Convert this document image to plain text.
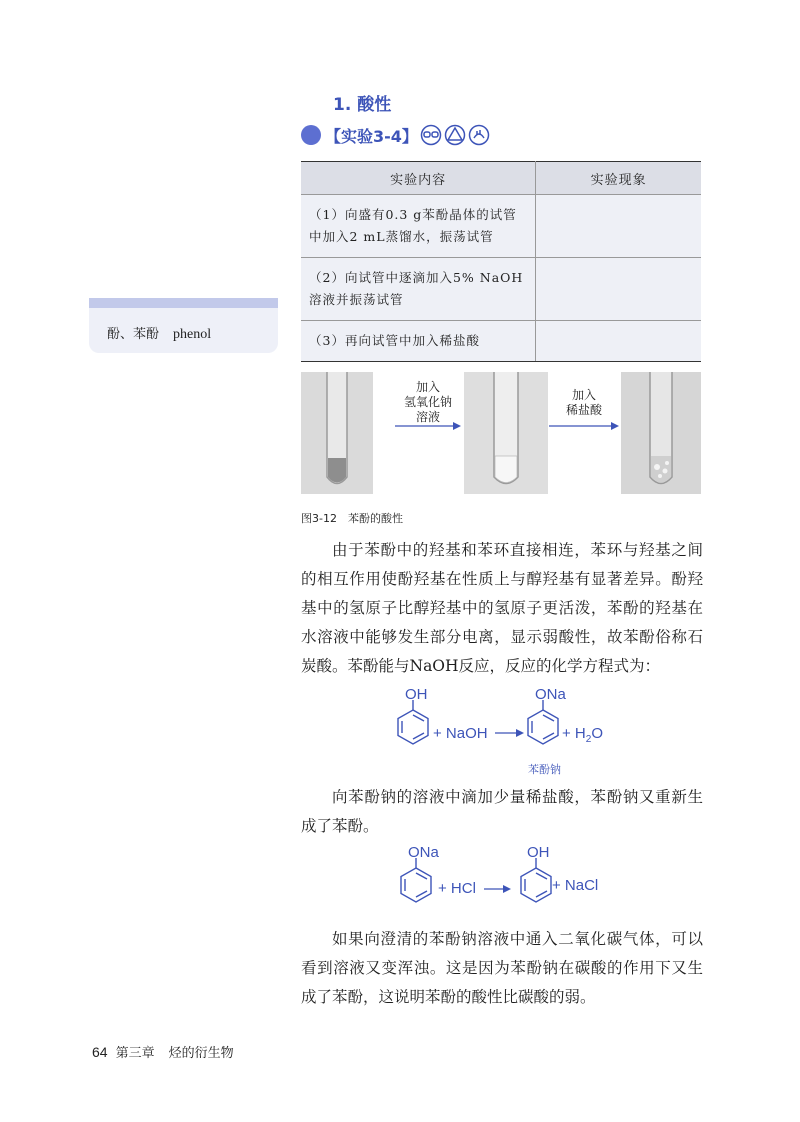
1. 酸性
【实验3-4】
酚、苯酚 phenol
实验内容	实验现象
（1）向盛有0.3 g苯酚晶体的试管中加入2 mL蒸馏水，振荡试管	
（2）向试管中逐滴加入5% NaOH溶液并振荡试管	
（3）再向试管中加入稀盐酸	
加入
氢氧化钠
溶液
加入
稀盐酸
图3-12　苯酚的酸性
由于苯酚中的羟基和苯环直接相连，苯环与羟基之间的相互作用使酚羟基在性质上与醇羟基有显著差异。酚羟基中的氢原子比醇羟基中的氢原子更活泼，苯酚的羟基在水溶液中能够发生部分电离，显示弱酸性，故苯酚俗称石炭酸。苯酚能与NaOH反应，反应的化学方程式为：
OH
+ NaOH
ONa
+ $H_2O$
苯酚钠
向苯酚钠的溶液中滴加少量稀盐酸，苯酚钠又重新生成了苯酚。
ONa
+ HCl
OH
+ NaCl
如果向澄清的苯酚钠溶液中通入二氧化碳气体，可以看到溶液又变浑浊。这是因为苯酚钠在碳酸的作用下又生成了苯酚，这说明苯酚的酸性比碳酸的弱。
64 第三章 烃的衍生物
